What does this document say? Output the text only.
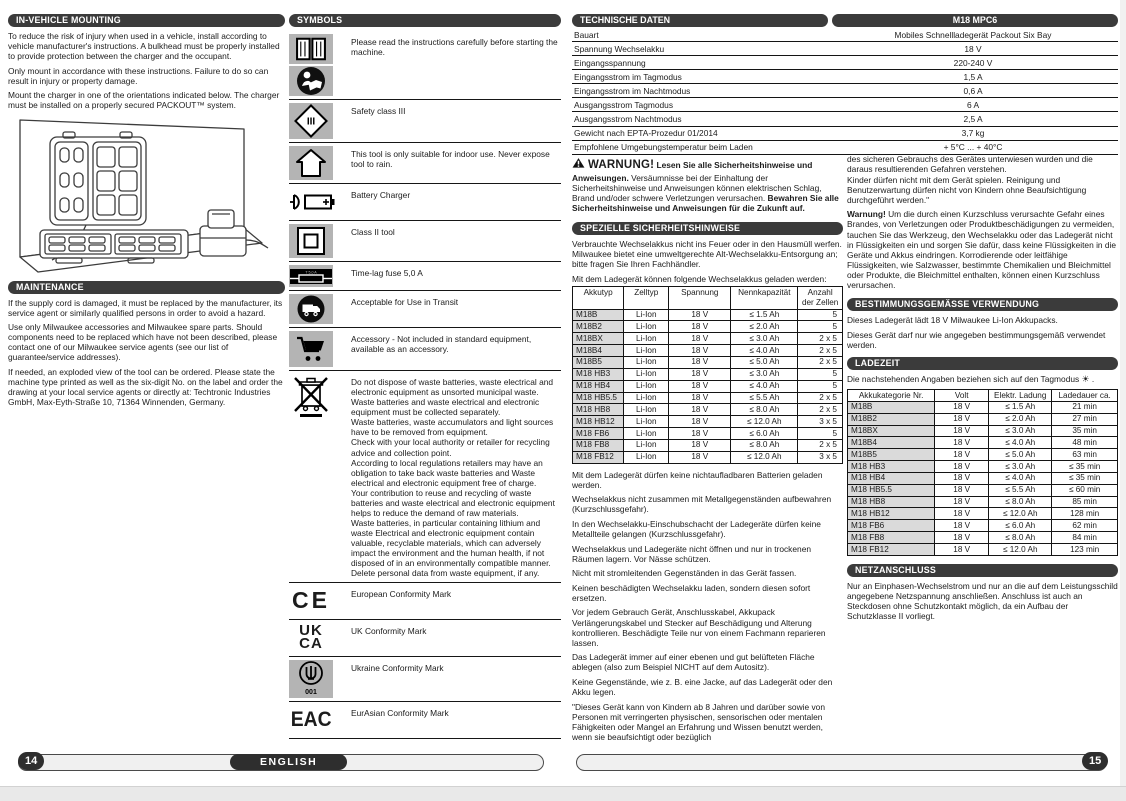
IN-VEHICLE MOUNTING

To reduce the risk of injury when used in a vehicle, install according to vehicle manufacturer's instructions. A bulkhead must be properly installed to provide protection between the charger and the occupant.

Only mount in accordance with these instructions. Failure to do so can result in injury or property damage.

Mount the charger in one of the orientations indicated below. The charger must be installed on a properly secured PACKOUT™ system.

MAINTENANCE

If the supply cord is damaged, it must be replaced by the manufacturer, its service agent or similarly qualified persons in order to avoid a hazard.

Use only Milwaukee accessories and Milwaukee spare parts. Should components need to be replaced which have not been described, please contact one of our Milwaukee service agents (see our list of guarantee/service addresses).

If needed, an exploded view of the tool can be ordered. Please state the machine type printed as well as the six-digit No. on the label and order the drawing at your local service agents or directly at: Techtronic Industries GmbH, Max-Eyth-Straße 10, 71364 Winnenden, Germany.

SYMBOLS
Please read the instructions carefully before starting the machine.
III
Safety class III
This tool is only suitable for indoor use. Never expose tool to rain.
Battery Charger
Class II tool
T 5,0 A	Time-lag fuse 5,0 A
Acceptable for Use in Transit
Accessory - Not included in standard equipment, available as an accessory.
Do not dispose of waste batteries, waste electrical and electronic equipment as unsorted municipal waste.
Waste batteries and waste electrical and electronic equipment must be collected separately.
Waste batteries, waste accumulators and light sources have to be removed from equipment.
Check with your local authority or retailer for recycling advice and collection point.
According to local regulations retailers may have an obligation to take back waste batteries and Waste electrical and electronic equipment free of charge.
Your contribution to reuse and recycling of waste batteries and waste electrical and electronic equipment helps to reduce the demand of raw materials.
Waste batteries, in particular containing lithium and waste Electrical and electronic equipment contain valuable, recyclable materials, which can adversely impact the environment and the human health, if not disposed of in an environmentally compatible manner.
Delete personal data from waste equipment, if any.
CE	European Conformity Mark
UK
CA
UK Conformity Mark
001
Ukraine Conformity Mark
EAC EurAsian Conformity Mark
TECHNISCHE DATEN	M18 MPC6
Bauart	Mobiles Schnellladegerät Packout Six Bay
Spannung Wechselakku	18 V
Eingangsspannung	220-240 V
Eingangsstrom im Tagmodus	1,5 A
Eingangsstrom im Nachtmodus	0,6 A
Ausgangsstrom Tagmodus	6 A
Ausgangsstrom Nachtmodus	2,5 A
Gewicht nach EPTA-Prozedur 01/2014	3,7 kg
Empfohlene Umgebungstemperatur beim Laden	+ 5°C ... + 40°C

WARNUNG! Lesen Sie alle Sicherheitshinweise und Anweisungen. Versäumnisse bei der Einhaltung der Sicherheitshinweise und Anweisungen können elektrischen Schlag, Brand und/oder schwere Verletzungen verursachen. Bewahren Sie alle Sicherheitshinweise und Anweisungen für die Zukunft auf.

SPEZIELLE SICHERHEITSHINWEISE

Verbrauchte Wechselakkus nicht ins Feuer oder in den Hausmüll werfen. Milwaukee bietet eine umweltgerechte Alt-Wechselakku-Entsorgung an; bitte fragen Sie Ihren Fachhändler.

Mit dem Ladegerät können folgende Wechselakkus geladen werden:

Akkutyp	Zelltyp	Spannung	Nennkapazität	Anzahl der Zellen
M18B	Li-Ion	18 V	≤ 1.5 Ah	5
M18B2	Li-Ion	18 V	≤ 2.0 Ah	5
M18BX	Li-Ion	18 V	≤ 3.0 Ah	2 x 5
M18B4	Li-Ion	18 V	≤ 4.0 Ah	2 x 5
M18B5	Li-Ion	18 V	≤ 5.0 Ah	2 x 5
M18 HB3	Li-Ion	18 V	≤ 3.0 Ah	5
M18 HB4	Li-Ion	18 V	≤ 4.0 Ah	5
M18 HB5.5	Li-Ion	18 V	≤ 5.5 Ah	2 x 5
M18 HB8	Li-Ion	18 V	≤ 8.0 Ah	2 x 5
M18 HB12	Li-Ion	18 V	≤ 12.0 Ah	3 x 5
M18 FB6	Li-Ion	18 V	≤ 6.0 Ah	5
M18 FB8	Li-Ion	18 V	≤ 8.0 Ah	2 x 5
M18 FB12	Li-Ion	18 V	≤ 12.0 Ah	3 x 5

Mit dem Ladegerät dürfen keine nichtaufladbaren Batterien geladen werden.

Wechselakkus nicht zusammen mit Metallgegenständen aufbewahren (Kurzschlussgefahr).

In den Wechselakku-Einschubschacht der Ladegeräte dürfen keine Metallteile gelangen (Kurzschlussgefahr).

Wechselakkus und Ladegeräte nicht öffnen und nur in trockenen Räumen lagern. Vor Nässe schützen.

Nicht mit stromleitenden Gegenständen in das Gerät fassen.

Keinen beschädigten Wechselakku laden, sondern diesen sofort ersetzen.

Vor jedem Gebrauch Gerät, Anschlusskabel, Akkupack Verlängerungskabel und Stecker auf Beschädigung und Alterung kontrollieren. Beschädigte Teile nur von einem Fachmann reparieren lassen.

Das Ladegerät immer auf einer ebenen und gut belüfteten Fläche ablegen (also zum Beispiel NICHT auf dem Autositz).

Keine Gegenstände, wie z. B. eine Jacke, auf das Ladegerät oder den Akku legen.

"Dieses Gerät kann von Kindern ab 8 Jahren und darüber sowie von Personen mit verringerten physischen, sensorischen oder mentalen Fähigkeiten oder Mangel an Erfahrung und Wissen benutzt werden, wenn sie beaufsichtigt oder bezüglich

des sicheren Gebrauchs des Gerätes unterwiesen wurden und die daraus resultierenden Gefahren verstehen.

Kinder dürfen nicht mit dem Gerät spielen. Reinigung und Benutzerwartung dürfen nicht von Kindern ohne Beaufsichtigung durchgeführt werden."

Warnung! Um die durch einen Kurzschluss verursachte Gefahr eines Brandes, von Verletzungen oder Produktbeschädigungen zu vermeiden, tauchen Sie das Werkzeug, den Wechselakku oder das Ladegerät nicht in Flüssigkeiten ein und sorgen Sie dafür, dass keine Flüssigkeiten in die Geräte und Akkus eindringen. Korrodierende oder leitfähige Flüssigkeiten, wie Salzwasser, bestimmte Chemikalien und Bleichmittel oder Produkte, die Bleichmittel enthalten, können einen Kurzschluss verursachen.

BESTIMMUNGSGEMÄSSE VERWENDUNG

Dieses Ladegerät lädt 18 V Milwaukee Li-Ion Akkupacks.

Dieses Gerät darf nur wie angegeben bestimmungsgemäß verwendet werden.

LADEZEIT

Die nachstehenden Angaben beziehen sich auf den Tagmodus ☀ .

Akkukategorie Nr.	Volt	Elektr. Ladung	Ladedauer ca.
M18B	18 V	≤ 1.5 Ah	21 min
M18B2	18 V	≤ 2.0 Ah	27 min
M18BX	18 V	≤ 3.0 Ah	35 min
M18B4	18 V	≤ 4.0 Ah	48 min
M18B5	18 V	≤ 5.0 Ah	63 min
M18 HB3	18 V	≤ 3.0 Ah	≤ 35 min
M18 HB4	18 V	≤ 4.0 Ah	≤ 35 min
M18 HB5.5	18 V	≤ 5.5 Ah	≤ 60 min
M18 HB8	18 V	≤ 8.0 Ah	85 min
M18 HB12	18 V	≤ 12.0 Ah	128 min
M18 FB6	18 V	≤ 6.0 Ah	62 min
M18 FB8	18 V	≤ 8.0 Ah	84 min
M18 FB12	18 V	≤ 12.0 Ah	123 min
NETZANSCHLUSS

Nur an Einphasen-Wechselstrom und nur an die auf dem Leistungsschild angegebene Netzspannung anschließen. Anschluss ist auch an Steckdosen ohne Schutzkontakt möglich, da ein Aufbau der Schutzklasse II vorliegt.

14	ENGLISH	15
